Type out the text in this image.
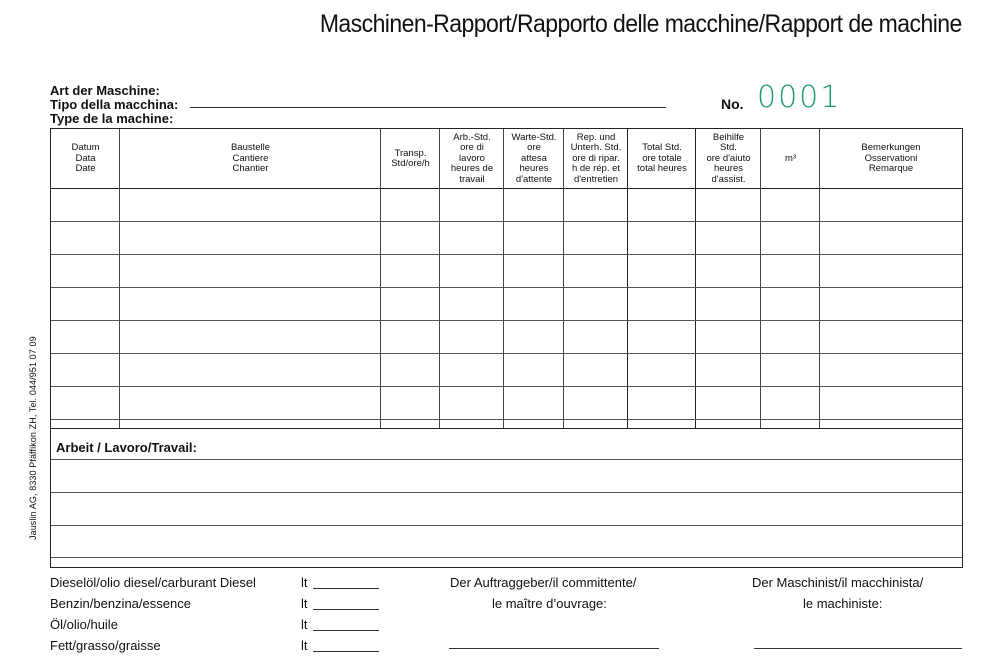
Maschinen-Rapport/Rapporto delle macchine/Rapport de machine
Art der Maschine:
Tipo della macchina:
Type de la machine:
No. 0001
Jauslin AG, 8330 Pfäffikon ZH, Tel. 044/951 07 09
Datum
Data
Date
Baustelle
Cantiere
Chantier
Transp.
Std/ore/h
Arb.-Std.
ore di
lavoro
heures de
travail
Warte-Std.
ore
attesa
heures
d'attente
Rep. und
Unterh. Std.
ore di ripar.
h de rép. et
d'entretien
Total Std.
ore totale
total heures
Beihilfe
Std.
ore d'aiuto
heures
d'assist.
m³
Bemerkungen
Osservationi
Remarque
Arbeit / Lavoro/Travail:
Dieselöl/olio diesel/carburant Diesel
Benzin/benzina/essence
Öl/olio/huile
Fett/grasso/graisse
lt
lt
lt
lt
Der Auftraggeber/il committente/
le maître d’ouvrage:
Der Maschinist/il macchinista/
le machiniste:
